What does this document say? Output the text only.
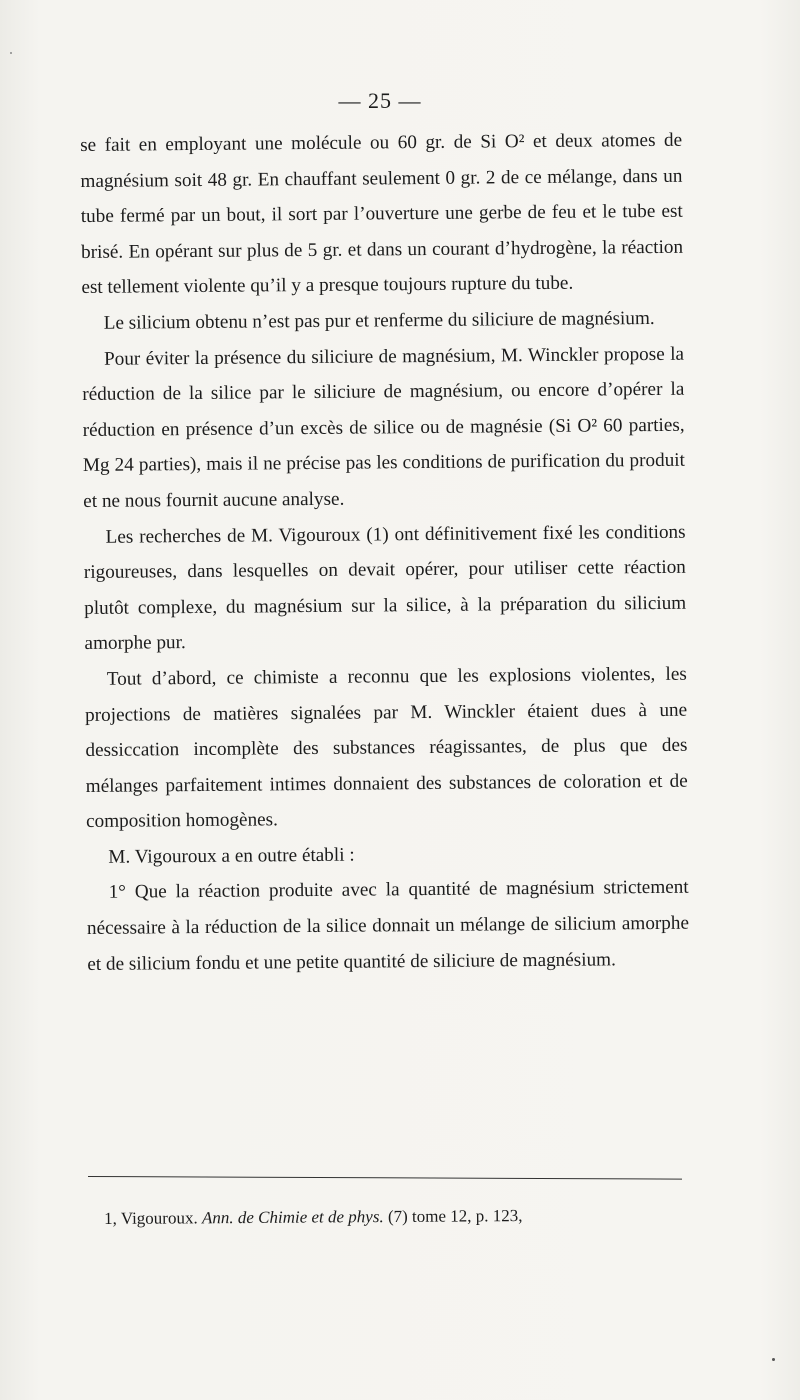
— 25 —

se fait en employant une molécule ou 60 gr. de Si O² et deux atomes de magnésium soit 48 gr. En chauffant seulement 0 gr. 2 de ce mélange, dans un tube fermé par un bout, il sort par l’ouverture une gerbe de feu et le tube est brisé. En opérant sur plus de 5 gr. et dans un courant d’hydrogène, la réaction est tellement violente qu’il y a presque toujours rupture du tube.

Le silicium obtenu n’est pas pur et renferme du siliciure de magnésium.

Pour éviter la présence du siliciure de magnésium, M. Winckler propose la réduction de la silice par le siliciure de magnésium, ou encore d’opérer la réduction en présence d’un excès de silice ou de magnésie (Si O² 60 parties, Mg 24 parties), mais il ne précise pas les conditions de purification du produit et ne nous fournit aucune analyse.

Les recherches de M. Vigouroux (1) ont définitivement fixé les conditions rigoureuses, dans lesquelles on devait opérer, pour utiliser cette réaction plutôt complexe, du magnésium sur la silice, à la préparation du silicium amorphe pur.

Tout d’abord, ce chimiste a reconnu que les explosions violentes, les projections de matières signalées par M. Winckler étaient dues à une dessiccation incomplète des substances réagissantes, de plus que des mélanges parfaitement intimes donnaient des substances de coloration et de composition homogènes.

M. Vigouroux a en outre établi :

1° Que la réaction produite avec la quantité de magnésium strictement nécessaire à la réduction de la silice donnait un mélange de silicium amorphe et de silicium fondu et une petite quantité de siliciure de magnésium.

1, Vigouroux. Ann. de Chimie et de phys. (7) tome 12, p. 123,
